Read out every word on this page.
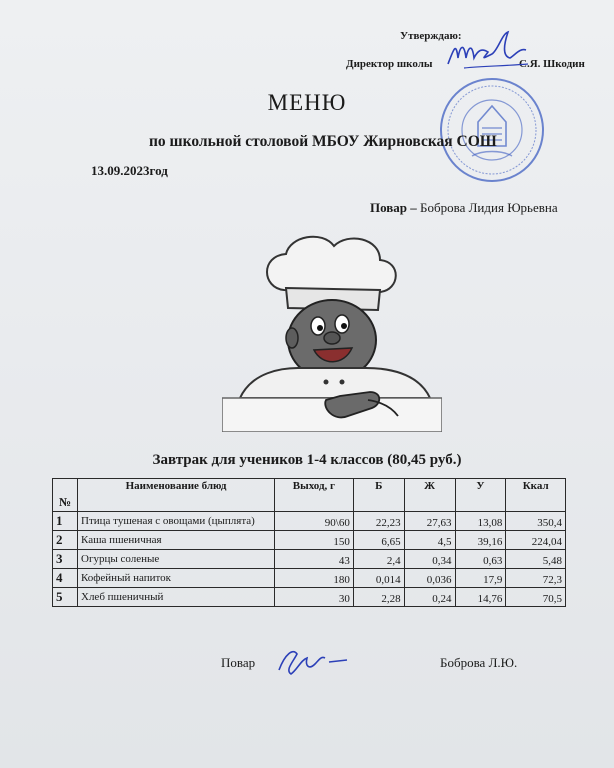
Утверждаю:
Директор школы	С.Я. Шкодин
МЕНЮ
по школьной столовой МБОУ Жирновская СОШ
13.09.2023год
Повар – Боброва Лидия Юрьевна
Завтрак для учеников 1-4 классов (80,45 руб.)
№	Наименование блюд	Выход, г	Б	Ж	У	Ккал
1	Птица тушеная с овощами (цыплята)	90\60	22,23	27,63	13,08	350,4
2	Каша пшеничная	150	6,65	4,5	39,16	224,04
3	Огурцы соленые	43	2,4	0,34	0,63	5,48
4	Кофейный напиток	180	0,014	0,036	17,9	72,3
5	Хлеб пшеничный	30	2,28	0,24	14,76	70,5
Повар	Боброва Л.Ю.
